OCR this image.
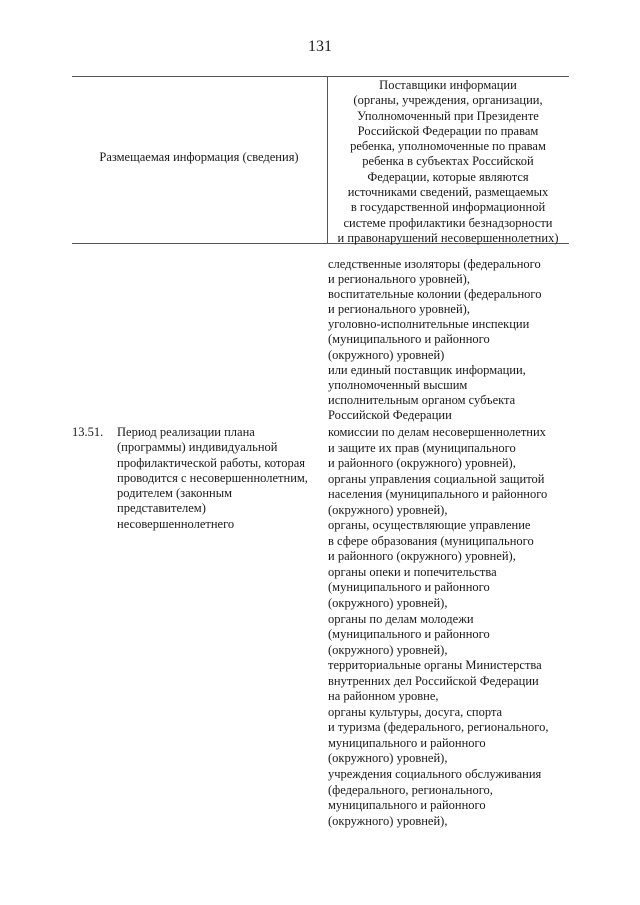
131
Размещаемая информация (сведения)
Поставщики информации
(органы, учреждения, организации,
Уполномоченный при Президенте
Российской Федерации по правам
ребенка, уполномоченные по правам
ребенка в субъектах Российской
Федерации, которые являются
источниками сведений, размещаемых
в государственной информационной
системе профилактики безнадзорности
и правонарушений несовершеннолетних)
следственные изоляторы (федерального
и регионального уровней),
воспитательные колонии (федерального
и регионального уровней),
уголовно-исполнительные инспекции
(муниципального и районного
(окружного) уровней)
или единый поставщик информации,
уполномоченный высшим
исполнительным органом субъекта
Российской Федерации
13.51. Период реализации плана
(программы) индивидуальной
профилактической работы, которая
проводится с несовершеннолетним,
родителем (законным
представителем)
несовершеннолетнего
комиссии по делам несовершеннолетних
и защите их прав (муниципального
и районного (окружного) уровней),
органы управления социальной защитой
населения (муниципального и районного
(окружного) уровней),
органы, осуществляющие управление
в сфере образования (муниципального
и районного (окружного) уровней),
органы опеки и попечительства
(муниципального и районного
(окружного) уровней),
органы по делам молодежи
(муниципального и районного
(окружного) уровней),
территориальные органы Министерства
внутренних дел Российской Федерации
на районном уровне,
органы культуры, досуга, спорта
и туризма (федерального, регионального,
муниципального и районного
(окружного) уровней),
учреждения социального обслуживания
(федерального, регионального,
муниципального и районного
(окружного) уровней),
